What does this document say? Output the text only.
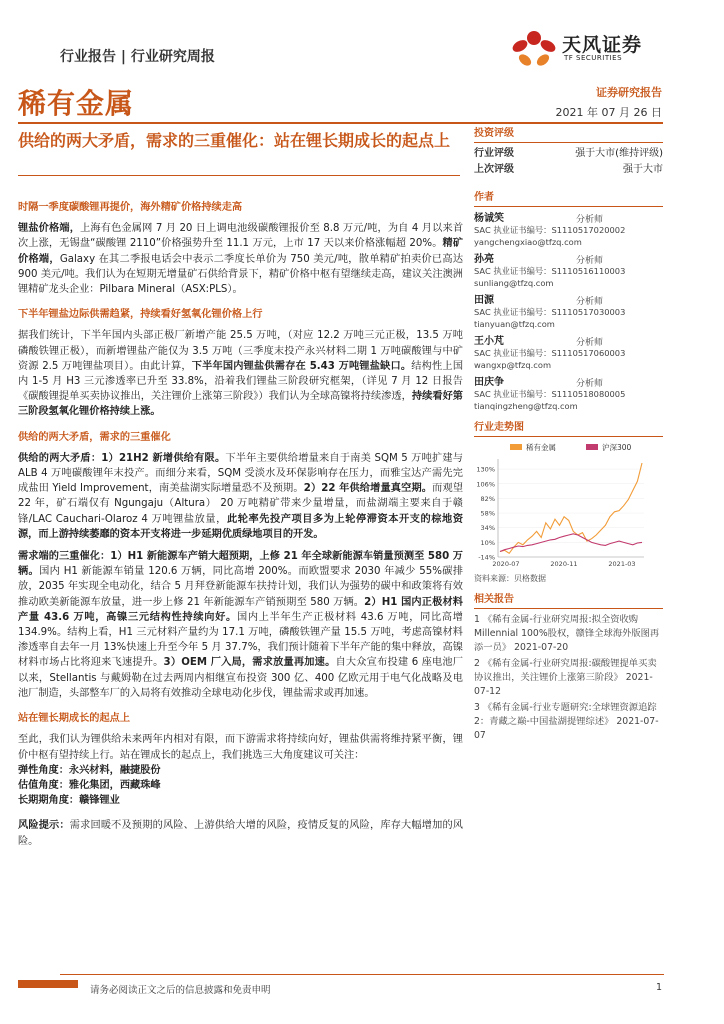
行业报告 | 行业研究周报
天风证券
TF SECURITIES
稀有金属	证券研究报告
2021 年 07 月 26 日
供给的两大矛盾，需求的三重催化：站在锂长期成长的起点上
时隔一季度碳酸锂再提价，海外精矿价格持续走高

锂盐价格端，上海有色金属网 7 月 20 日上调电池级碳酸锂报价至 8.8 万元/吨，为自 4 月以来首次上涨，无锡盘“碳酸锂 2110”价格强势升至 11.1 万元，上市 17 天以来价格涨幅超 20%。精矿价格端，Galaxy 在其二季报电话会中表示二季度长单价为 750 美元/吨，散单精矿拍卖价已高达 900 美元/吨。我们认为在短期无增量矿石供给背景下，精矿价格中枢有望继续走高，建议关注澳洲锂精矿龙头企业：Pilbara Mineral（ASX:PLS）。

下半年锂盐边际供需趋紧，持续看好氢氧化锂价格上行

据我们统计，下半年国内头部正极厂新增产能 25.5 万吨，（对应 12.2 万吨三元正极，13.5 万吨磷酸铁锂正极），而新增锂盐产能仅为 3.5 万吨（三季度末投产永兴材料二期 1 万吨碳酸锂与中矿资源 2.5 万吨锂盐项目）。由此计算，下半年国内锂盐供需存在 5.43 万吨锂盐缺口。结构性上国内 1-5 月 H3 三元渗透率已升至 33.8%，沿着我们锂盐三阶段研究框架，（详见 7 月 12 日报告《碳酸锂提单买卖协议推出，关注锂价上涨第三阶段》）我们认为全球高镍将持续渗透，持续看好第三阶段氢氧化锂价格持续上涨。

供给的两大矛盾，需求的三重催化

供给的两大矛盾：1）21H2 新增供给有限。下半年主要供给增量来自于南美 SQM 5 万吨扩建与 ALB 4 万吨碳酸锂年末投产。而细分来看，SQM 受淡水及环保影响存在压力，而雅宝达产需先完成盐田 Yield Improvement，南美盐湖实际增量恐不及预期。2）22 年供给增量真空期。而观望 22 年，矿石端仅有 Ngungaju（Altura） 20 万吨精矿带来少量增量，而盐湖端主要来自于赣锋/LAC Cauchari-Olaroz 4 万吨锂盐放量，此轮率先投产项目多为上轮停滞资本开支的棕地资源，而上游持续萎靡的资本开支将进一步延期优质绿地项目的开发。

需求端的三重催化：1）H1 新能源车产销大超预期，上修 21 年全球新能源车销量预测至 580 万辆。国内 H1 新能源车销量 120.6 万辆，同比高增 200%。而欧盟要求 2030 年减少 55%碳排放，2035 年实现全电动化，结合 5 月拜登新能源车扶持计划，我们认为强势的碳中和政策将有效推动欧美新能源车放量，进一步上修 21 年新能源车产销预期至 580 万辆。2）H1 国内正极材料产量 43.6 万吨，高镍三元结构性持续向好。国内上半年生产正极材料 43.6 万吨，同比高增 134.9%。结构上看，H1 三元材料产量约为 17.1 万吨，磷酸铁锂产量 15.5 万吨，考虑高镍材料渗透率自去年一月 13%快速上升至今年 5 月 37.7%，我们预计随着下半年产能的集中释放，高镍材料市场占比将迎来飞速提升。3）OEM 厂入局，需求放量再加速。自大众宣布投建 6 座电池厂以来，Stellantis 与戴姆勒在过去两周内相继宣布投资 300 亿、400 亿欧元用于电气化战略及电池厂制造，头部整车厂的入局将有效推动全球电动化步伐，锂盐需求或再加速。

站在锂长期成长的起点上

至此，我们认为锂供给未来两年内相对有限，而下游需求将持续向好，锂盐供需将维持紧平衡，锂价中枢有望持续上行。站在锂成长的起点上，我们挑选三大角度建议可关注：

弹性角度：永兴材料，融捷股份
估值角度：雅化集团，西藏珠峰
长期期角度：赣锋锂业

风险提示：需求回暖不及预期的风险、上游供给大增的风险，疫情反复的风险，库存大幅增加的风险。

投资评级
行业评级	强于大市(维持评级)
上次评级	强于大市
作者
杨诚笑	分析师
SAC 执业证书编号：S1110517020002
yangchengxiao@tfzq.com
孙亮	分析师
SAC 执业证书编号：S1110516110003
sunliang@tfzq.com
田源	分析师
SAC 执业证书编号：S1110517030003
tianyuan@tfzq.com
王小芃	分析师
SAC 执业证书编号：S1110517060003
wangxp@tfzq.com
田庆争	分析师
SAC 执业证书编号：S1110518080005
tianqingzheng@tfzq.com
行业走势图
稀有金属	沪深300
130%
106%
82%
58%
34%
10%
-14%
2020-07	2020-11	2021-03
资料来源：贝格数据
相关报告

1 《稀有金属-行业研究周报:拟全资收购 Millennial 100%股权，赣锋全球海外版图再添一员》 2021-07-20

2 《稀有金属-行业研究周报:碳酸锂提单买卖协议推出，关注锂价上涨第三阶段》 2021-07-12

3 《稀有金属-行业专题研究:全球锂资源追踪 2：青藏之巅-中国盐湖提锂综述》 2021-07-07

请务必阅读正文之后的信息披露和免责申明	1
